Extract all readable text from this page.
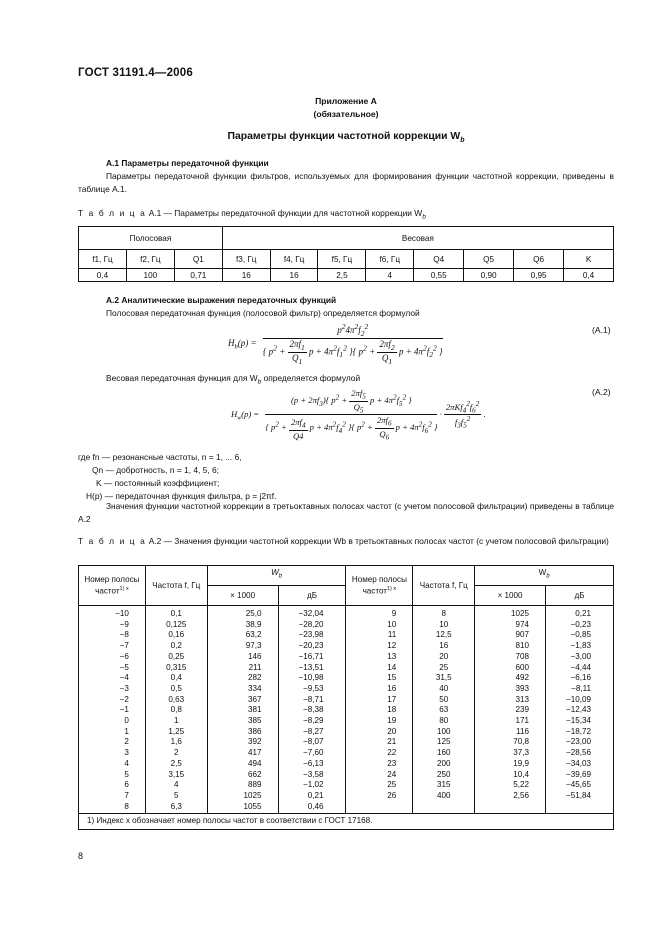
ГОСТ 31191.4—2006
Приложение А
(обязательное)
Параметры функции частотной коррекции $W_b$
А.1 Параметры передаточной функции
Параметры передаточной функции фильтров, используемых для формирования функции частотной коррекции, приведены в таблице А.1.
Т а б л и ц а А.1 — Параметры передаточной функции для частотной коррекции $W_b$
Полосовая			Весовая							
f1, Гц	f2, Гц	Q1	f3, Гц	f4, Гц	f5, Гц	f6, Гц	Q4	Q5	Q6	K
0,4	100	0,71	16	16	2,5	4	0,55	0,90	0,95	0,4
А.2 Аналитические выражения передаточных функций
Полосовая передаточная функция (полосовой фильтр) определяется формулой
$H_b(p) = \frac{p^24\pi^2f_2^2}{\{ p^2 + \frac{2\pi f_1}{Q_1} p + 4\pi^2f_1^2 \}\{ p^2 + \frac{2\pi f_2}{Q_1} p + 4\pi^2f_2^2 \}}$	(А.1)
Весовая передаточная функция для $W_b$ определяется формулой
$H_w(p) = \frac{(p + 2\pi f_3)\{ p^2 + \frac{2\pi f_5}{Q_5} p + 4\pi^2f_5^2 \}}{\{ p^2 + \frac{2\pi f_4}{Q4} p + 4\pi^2f_4^2 \}\{ p^2 + \frac{2\pi f_6}{Q_6} p + 4\pi^2f_6^2 \}} \cdot \frac{2\pi Kf_4^2f_6^2}{f_3f_5^2}$ .
(А.2)
где fn — резонансные частоты, n = 1, ... 6,
Qn — добротность, n = 1, 4, 5, 6;
K — постоянный коэффициент;
H(p) — передаточная функция фильтра, p = j2πf.
Значения функции частотной коррекции в третьоктавных полосах частот (с учетом полосовой фильтрации) приведены в таблице А.2
Т а б л и ц а А.2 — Значения функции частотной коррекции Wb в третьоктавных полосах частот (с учетом полосовой фильтрации)
Номер полосы частот$^{1) x}$	Частота f, Гц	$W_b$		Номер полосы частот$^{1) x}$	Частота f, Гц	$W_b$
		× 1000	дБ			× 1000	дБ
−10	0,1	25,0	−32,04	9	8	1025	0,21
−9	0,125	38,9	−28,20	10	10	974	−0,23
−8	0,16	63,2	−23,98	11	12,5	907	−0,85
−7	0,2	97,3	−20,23	12	16	810	−1,83
−6	0,25	146	−16,71	13	20	708	−3,00
−5	0,315	211	−13,51	14	25	600	−4,44
−4	0,4	282	−10,98	15	31,5	492	−6,16
−3	0,5	334	−9,53	16	40	393	−8,11
−2	0,63	367	−8,71	17	50	313	−10,09
−1	0,8	381	−8,38	18	63	239	−12,43
0	1	385	−8,29	19	80	171	−15,34
1	1,25	386	−8,27	20	100	116	−18,72
2	1,6	392	−8,07	21	125	70,8	−23,00
3	2	417	−7,60	22	160	37,3	−28,56
4	2,5	494	−6,13	23	200	19,9	−34,03
5	3,15	662	−3,58	24	250	10,4	−39,69
6	4	889	−1,02	25	315	5,22	−45,65
7	5	1025	0,21	26	400	2,56	−51,84
8	6,3	1055	0,46				
1) Индекс x обозначает номер полосы частот в соответствии с ГОСТ 17168.							
8
